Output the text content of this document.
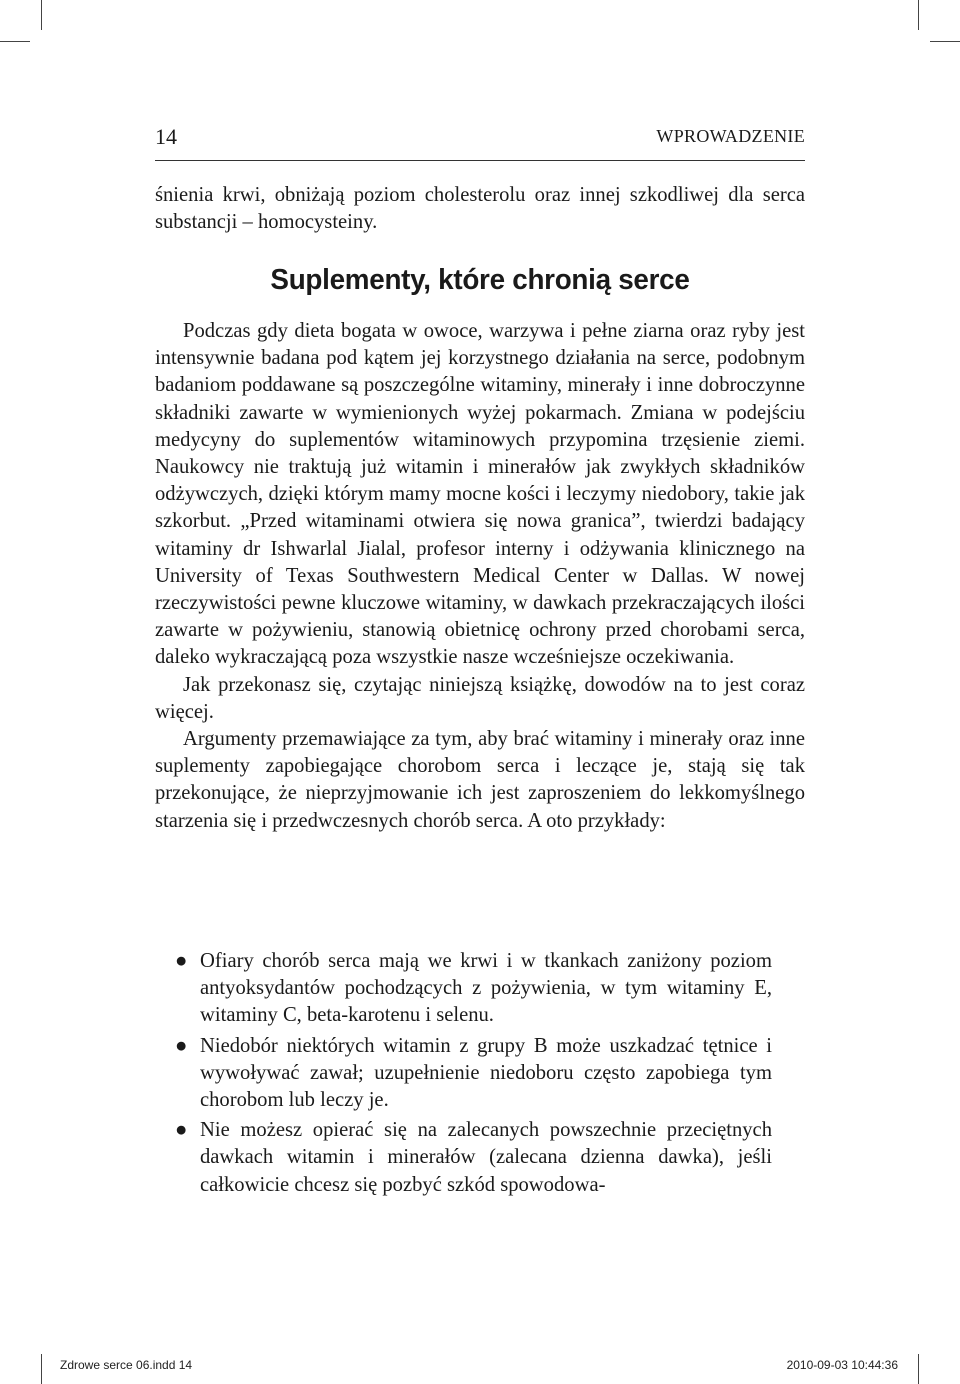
14	WPROWADZENIE

śnienia krwi, obniżają poziom cholesterolu oraz innej szkodliwej dla serca substancji – homocysteiny.

Suplementy, które chronią serce

Podczas gdy dieta bogata w owoce, warzywa i pełne ziarna oraz ryby jest intensywnie badana pod kątem jej korzystnego działania na serce, podobnym badaniom poddawane są poszczególne witaminy, minerały i inne dobroczynne składniki zawarte w wymienionych wyżej pokarmach. Zmiana w podejściu medycyny do suplementów witaminowych przypomina trzęsienie ziemi. Naukowcy nie traktują już witamin i minerałów jak zwykłych składników odżywczych, dzięki którym mamy mocne kości i leczymy niedobory, takie jak szkorbut. „Przed witaminami otwiera się nowa granica”, twierdzi badający witaminy dr Ishwarlal Jialal, profesor interny i odżywania klinicznego na University of Texas Southwestern Medical Center w Dallas. W nowej rzeczywistości pewne kluczowe witaminy, w dawkach przekraczających ilości zawarte w pożywieniu, stanowią obietnicę ochrony przed chorobami serca, daleko wykraczającą poza wszystkie nasze wcześniejsze oczekiwania.

Jak przekonasz się, czytając niniejszą książkę, dowodów na to jest coraz więcej.

Argumenty przemawiające za tym, aby brać witaminy i minerały oraz inne suplementy zapobiegające chorobom serca i leczące je, stają się tak przekonujące, że nieprzyjmowanie ich jest zaproszeniem do lekkomyślnego starzenia się i przedwczesnych chorób serca. A oto przykłady:

● Ofiary chorób serca mają we krwi i w tkankach zaniżony poziom antyoksydantów pochodzących z pożywienia, w tym witaminy E, witaminy C, beta-karotenu i selenu.
● Niedobór niektórych witamin z grupy B może uszkadzać tętnice i wywoływać zawał; uzupełnienie niedoboru często zapobiega tym chorobom lub leczy je.
● Nie możesz opierać się na zalecanych powszechnie przeciętnych dawkach witamin i minerałów (zalecana dzienna dawka), jeśli całkowicie chcesz się pozbyć szkód spowodowa-
Zdrowe serce 06.indd 14	2010-09-03 10:44:36
